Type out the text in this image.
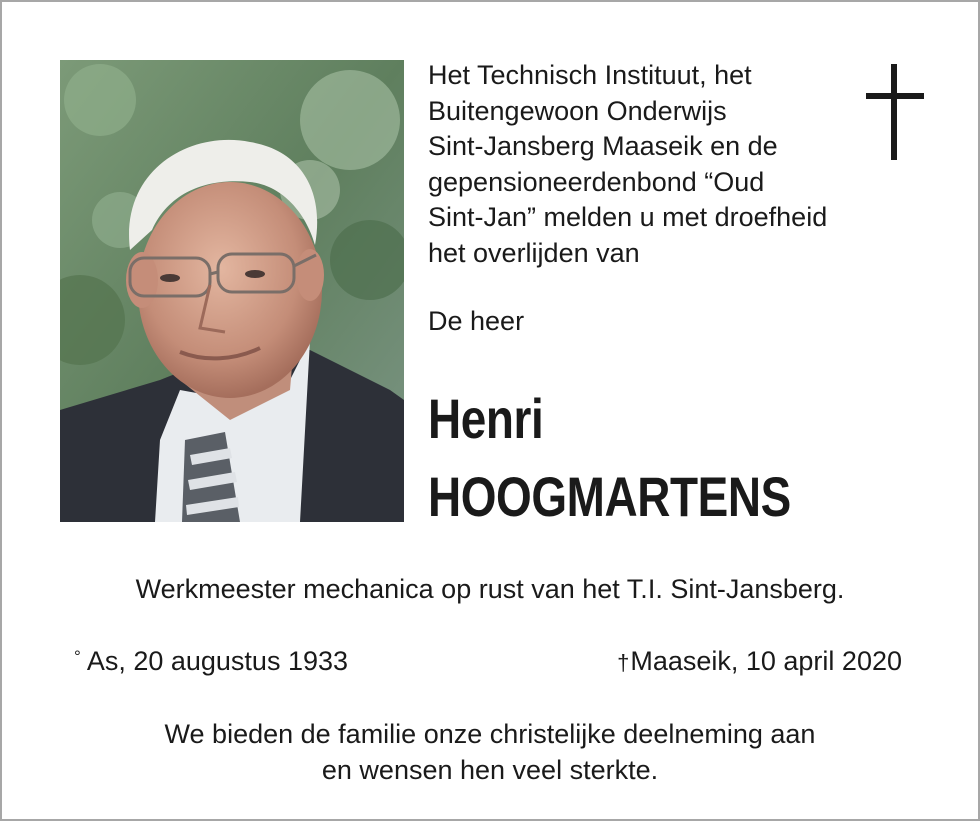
Het Technisch Instituut, het
Buitengewoon Onderwijs
Sint-Jansberg Maaseik en de
gepensioneerdenbond “Oud
Sint-Jan” melden u met droefheid
het overlijden van

De heer

Henri

HOOGMARTENS

Werkmeester mechanica op rust van het T.I. Sint-Jansberg.

° As, 20 augustus 1933	†Maaseik, 10 april 2020

We bieden de familie onze christelijke deelneming aan
en wensen hen veel sterkte.
